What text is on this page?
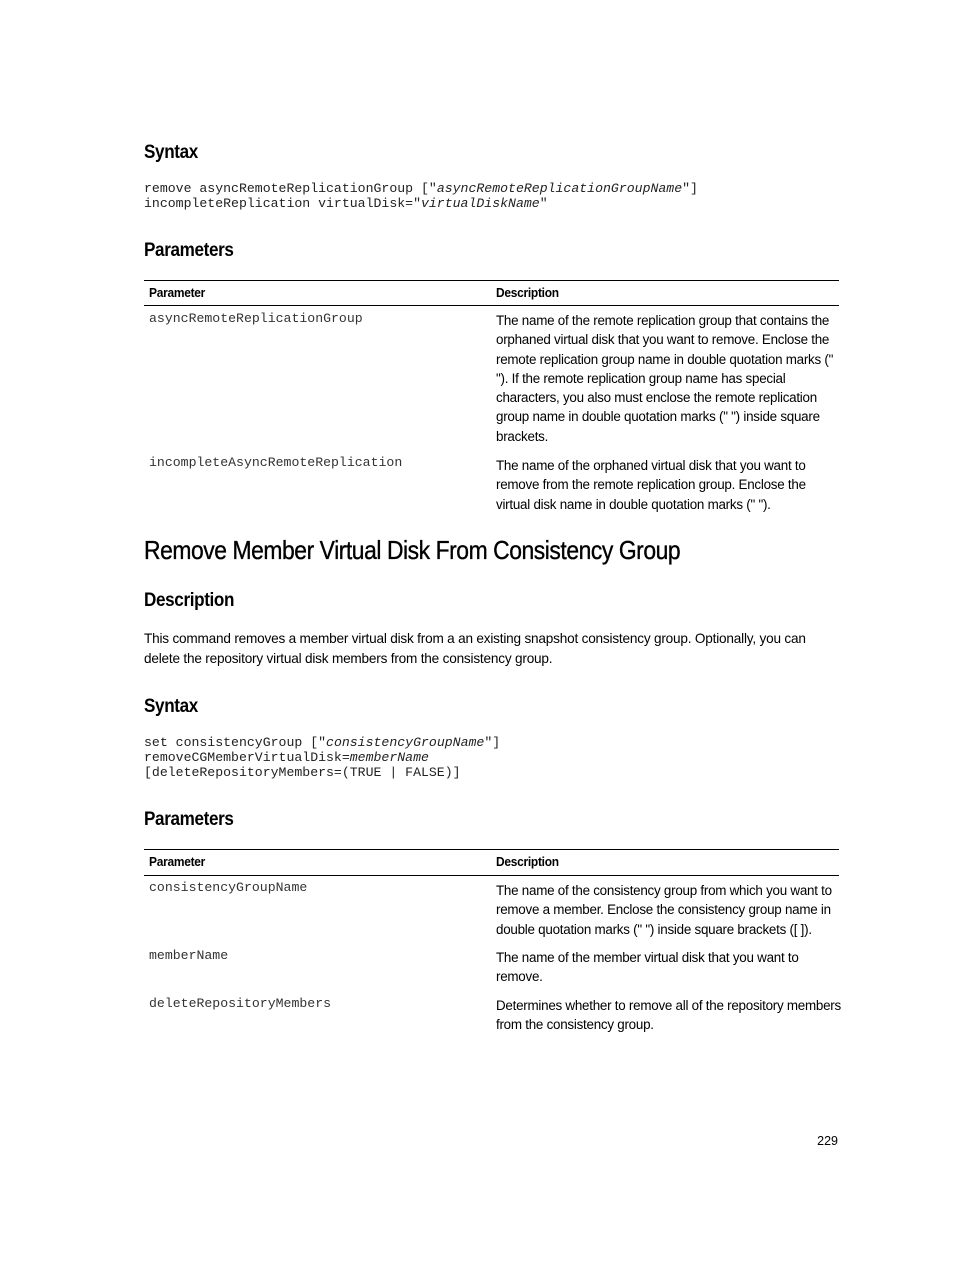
Syntax
remove asyncRemoteReplicationGroup ["asyncRemoteReplicationGroupName"]
incompleteReplication virtualDisk="virtualDiskName"
Parameters
Parameter	Description
asyncRemoteReplicationGroup	The name of the remote replication group that contains the orphaned virtual disk that you want to remove. Enclose the remote replication group name in double quotation marks (" "). If the remote replication group name has special characters, you also must enclose the remote replication group name in double quotation marks (" ") inside square brackets.
incompleteAsyncRemoteReplication	The name of the orphaned virtual disk that you want to remove from the remote replication group. Enclose the virtual disk name in double quotation marks (" ").
Remove Member Virtual Disk From Consistency Group
Description

This command removes a member virtual disk from a an existing snapshot consistency group. Optionally, you can delete the repository virtual disk members from the consistency group.

Syntax
set consistencyGroup ["consistencyGroupName"]
removeCGMemberVirtualDisk=memberName
[deleteRepositoryMembers=(TRUE | FALSE)]
Parameters
Parameter	Description
consistencyGroupName	The name of the consistency group from which you want to remove a member. Enclose the consistency group name in double quotation marks (" ") inside square brackets ([ ]).
memberName	The name of the member virtual disk that you want to remove.
deleteRepositoryMembers	Determines whether to remove all of the repository members from the consistency group.
229
